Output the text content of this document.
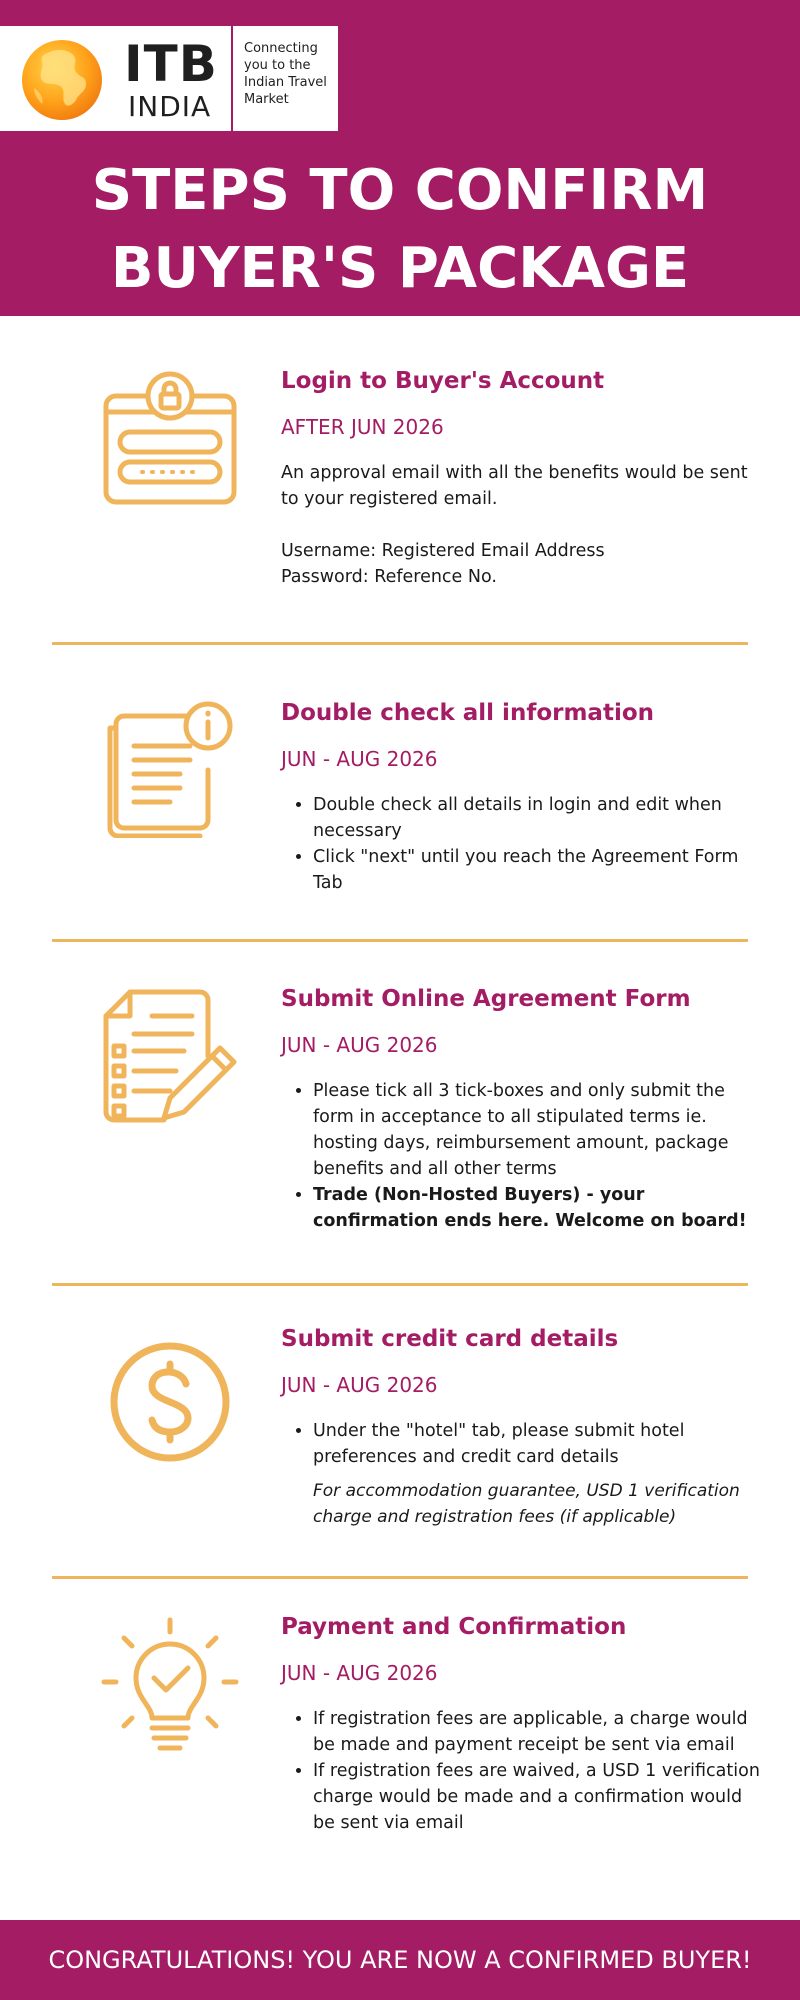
ITB
INDIA
Connecting you to the Indian Travel Market
STEPS TO CONFIRM
BUYER'S PACKAGE

Login to Buyer's Account

AFTER JUN 2026

An approval email with all the benefits would be sent to your registered email.

Username: Registered Email Address
Password: Reference No.

Double check all information

JUN - AUG 2026

• Double check all details in login and edit when necessary
• Click "next" until you reach the Agreement Form Tab

Submit Online Agreement Form

JUN - AUG 2026

• Please tick all 3 tick-boxes and only submit the form in acceptance to all stipulated terms ie. hosting days, reimbursement amount, package benefits and all other terms
• Trade (Non-Hosted Buyers) - your confirmation ends here. Welcome on board!

Submit credit card details

JUN - AUG 2026

• Under the "hotel" tab, please submit hotel preferences and credit card details

For accommodation guarantee, USD 1 verification charge and registration fees (if applicable)

Payment and Confirmation

JUN - AUG 2026

• If registration fees are applicable, a charge would be made and payment receipt be sent via email
• If registration fees are waived, a USD 1 verification charge would be made and a confirmation would be sent via email
CONGRATULATIONS! YOU ARE NOW A CONFIRMED BUYER!
